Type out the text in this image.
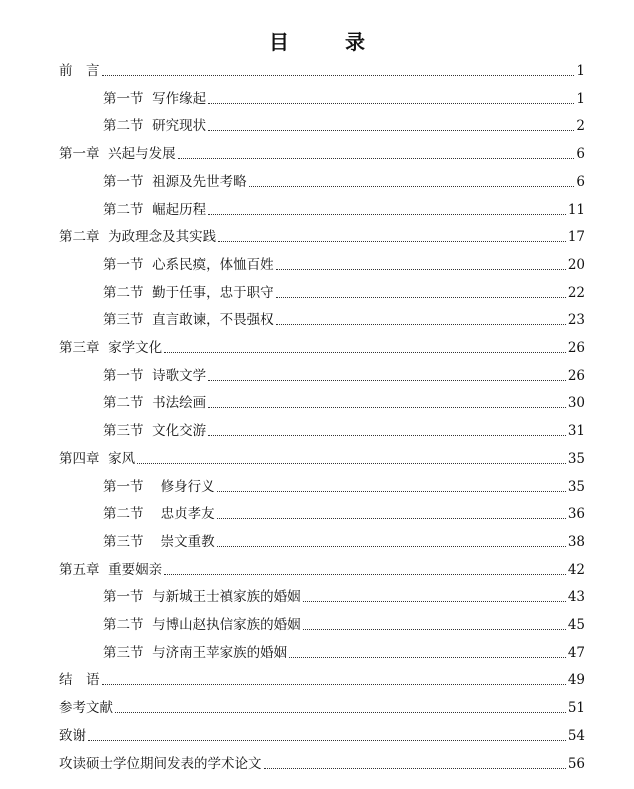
目　录
前　言	1
第一节  写作缘起	1
第二节  研究现状	2
第一章  兴起与发展	6
第一节  祖源及先世考略	6
第二节  崛起历程	11
第二章  为政理念及其实践	17
第一节  心系民瘼，体恤百姓	20
第二节  勤于任事，忠于职守	22
第三节  直言敢谏，不畏强权	23
第三章  家学文化	26
第一节  诗歌文学	26
第二节  书法绘画	30
第三节  文化交游	31
第四章  家风	35
第一节    修身行义	35
第二节    忠贞孝友	36
第三节    崇文重教	38
第五章  重要姻亲	42
第一节  与新城王士禛家族的婚姻	43
第二节  与博山赵执信家族的婚姻	45
第三节  与济南王苹家族的婚姻	47
结　语	49
参考文献	51
致谢	54
攻读硕士学位期间发表的学术论文	56
